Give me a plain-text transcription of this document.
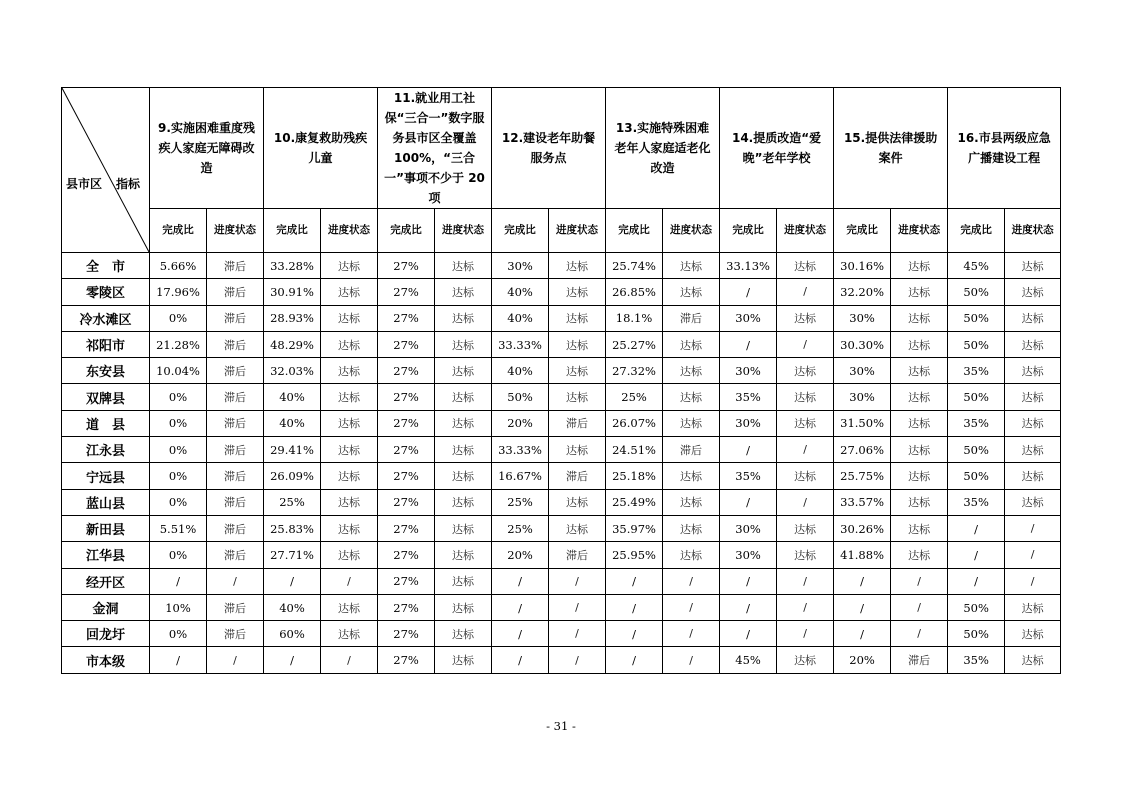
县市区 指标	9.实施困难重度残疾人家庭无障碍改造		10.康复救助残疾儿童		11.就业用工社保“三合一”数字服务县市区全覆盖100%，“三合一”事项不少于 20 项		12.建设老年助餐服务点		13.实施特殊困难老年人家庭适老化改造		14.提质改造“爱晚”老年学校		15.提供法律援助案件		16.市县两级应急广播建设工程	

	完成比	进度状态	完成比	进度状态	完成比	进度状态	完成比	进度状态	完成比	进度状态	完成比	进度状态	完成比	进度状态	完成比	进度状态

全　市	5.66%	滞后	33.28%	达标	27%	达标	30%	达标	25.74%	达标	33.13%	达标	30.16%	达标	45%	达标
零陵区	17.96%	滞后	30.91%	达标	27%	达标	40%	达标	26.85%	达标	/	/	32.20%	达标	50%	达标
冷水滩区	0%	滞后	28.93%	达标	27%	达标	40%	达标	18.1%	滞后	30%	达标	30%	达标	50%	达标
祁阳市	21.28%	滞后	48.29%	达标	27%	达标	33.33%	达标	25.27%	达标	/	/	30.30%	达标	50%	达标
东安县	10.04%	滞后	32.03%	达标	27%	达标	40%	达标	27.32%	达标	30%	达标	30%	达标	35%	达标
双牌县	0%	滞后	40%	达标	27%	达标	50%	达标	25%	达标	35%	达标	30%	达标	50%	达标
道　县	0%	滞后	40%	达标	27%	达标	20%	滞后	26.07%	达标	30%	达标	31.50%	达标	35%	达标
江永县	0%	滞后	29.41%	达标	27%	达标	33.33%	达标	24.51%	滞后	/	/	27.06%	达标	50%	达标
宁远县	0%	滞后	26.09%	达标	27%	达标	16.67%	滞后	25.18%	达标	35%	达标	25.75%	达标	50%	达标
蓝山县	0%	滞后	25%	达标	27%	达标	25%	达标	25.49%	达标	/	/	33.57%	达标	35%	达标
新田县	5.51%	滞后	25.83%	达标	27%	达标	25%	达标	35.97%	达标	30%	达标	30.26%	达标	/	/
江华县	0%	滞后	27.71%	达标	27%	达标	20%	滞后	25.95%	达标	30%	达标	41.88%	达标	/	/
经开区	/	/	/	/	27%	达标	/	/	/	/	/	/	/	/	/	/
金洞	10%	滞后	40%	达标	27%	达标	/	/	/	/	/	/	/	/	50%	达标
回龙圩	0%	滞后	60%	达标	27%	达标	/	/	/	/	/	/	/	/	50%	达标
市本级	/	/	/	/	27%	达标	/	/	/	/	45%	达标	20%	滞后	35%	达标
- 31 -
